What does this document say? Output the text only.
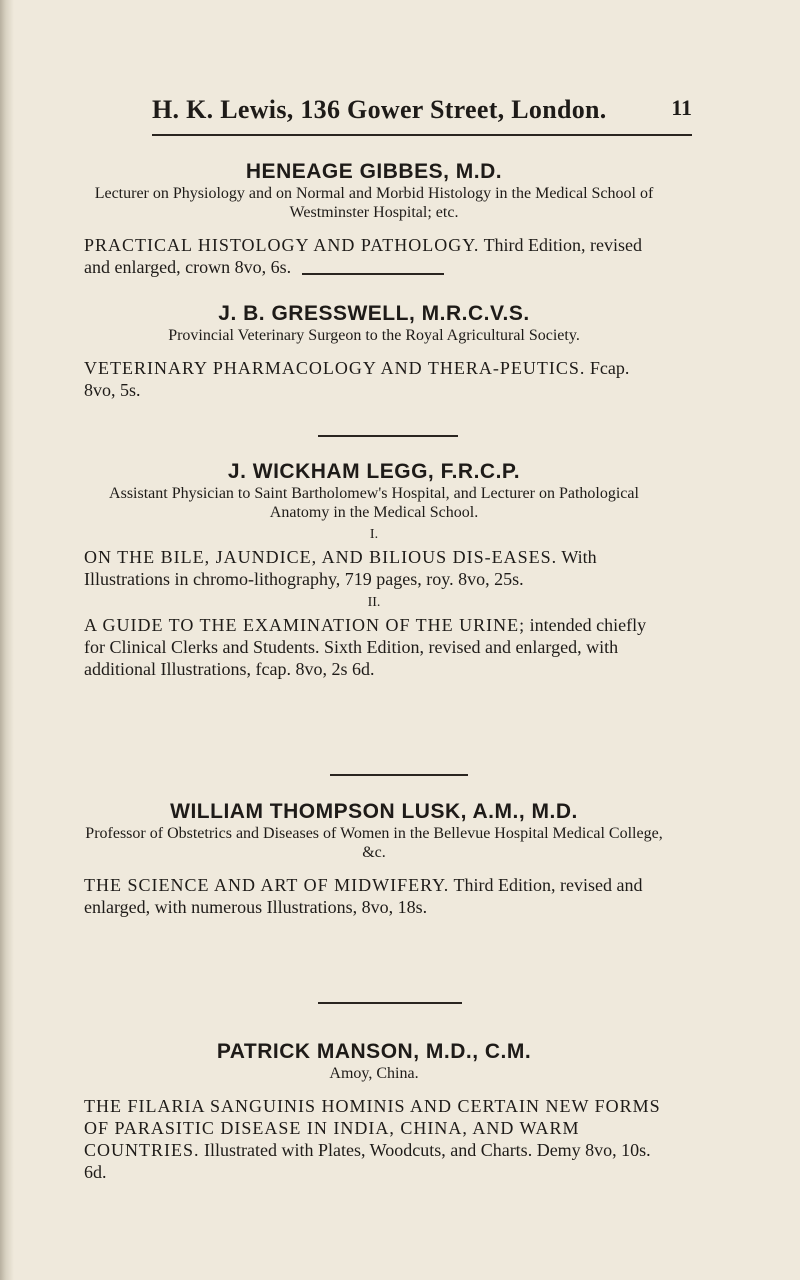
H. K. Lewis, 136 Gower Street, London.	11
HENEAGE GIBBES, M.D.
Lecturer on Physiology and on Normal and Morbid Histology in the Medical School of Westminster Hospital; etc.
PRACTICAL HISTOLOGY AND PATHOLOGY. Third Edition, revised and enlarged, crown 8vo, 6s.
J. B. GRESSWELL, M.R.C.V.S.
Provincial Veterinary Surgeon to the Royal Agricultural Society.
VETERINARY PHARMACOLOGY AND THERA-PEUTICS. Fcap. 8vo, 5s.
J. WICKHAM LEGG, F.R.C.P.
Assistant Physician to Saint Bartholomew's Hospital, and Lecturer on Pathological Anatomy in the Medical School.
I.
ON THE BILE, JAUNDICE, AND BILIOUS DIS-EASES. With Illustrations in chromo-lithography, 719 pages, roy. 8vo, 25s.
II.
A GUIDE TO THE EXAMINATION OF THE URINE; intended chiefly for Clinical Clerks and Students. Sixth Edition, revised and enlarged, with additional Illustrations, fcap. 8vo, 2s 6d.
WILLIAM THOMPSON LUSK, A.M., M.D.
Professor of Obstetrics and Diseases of Women in the Bellevue Hospital Medical College, &c.
THE SCIENCE AND ART OF MIDWIFERY. Third Edition, revised and enlarged, with numerous Illustrations, 8vo, 18s.
PATRICK MANSON, M.D., C.M.
Amoy, China.
THE FILARIA SANGUINIS HOMINIS AND CERTAIN NEW FORMS OF PARASITIC DISEASE IN INDIA, CHINA, AND WARM COUNTRIES. Illustrated with Plates, Woodcuts, and Charts. Demy 8vo, 10s. 6d.
